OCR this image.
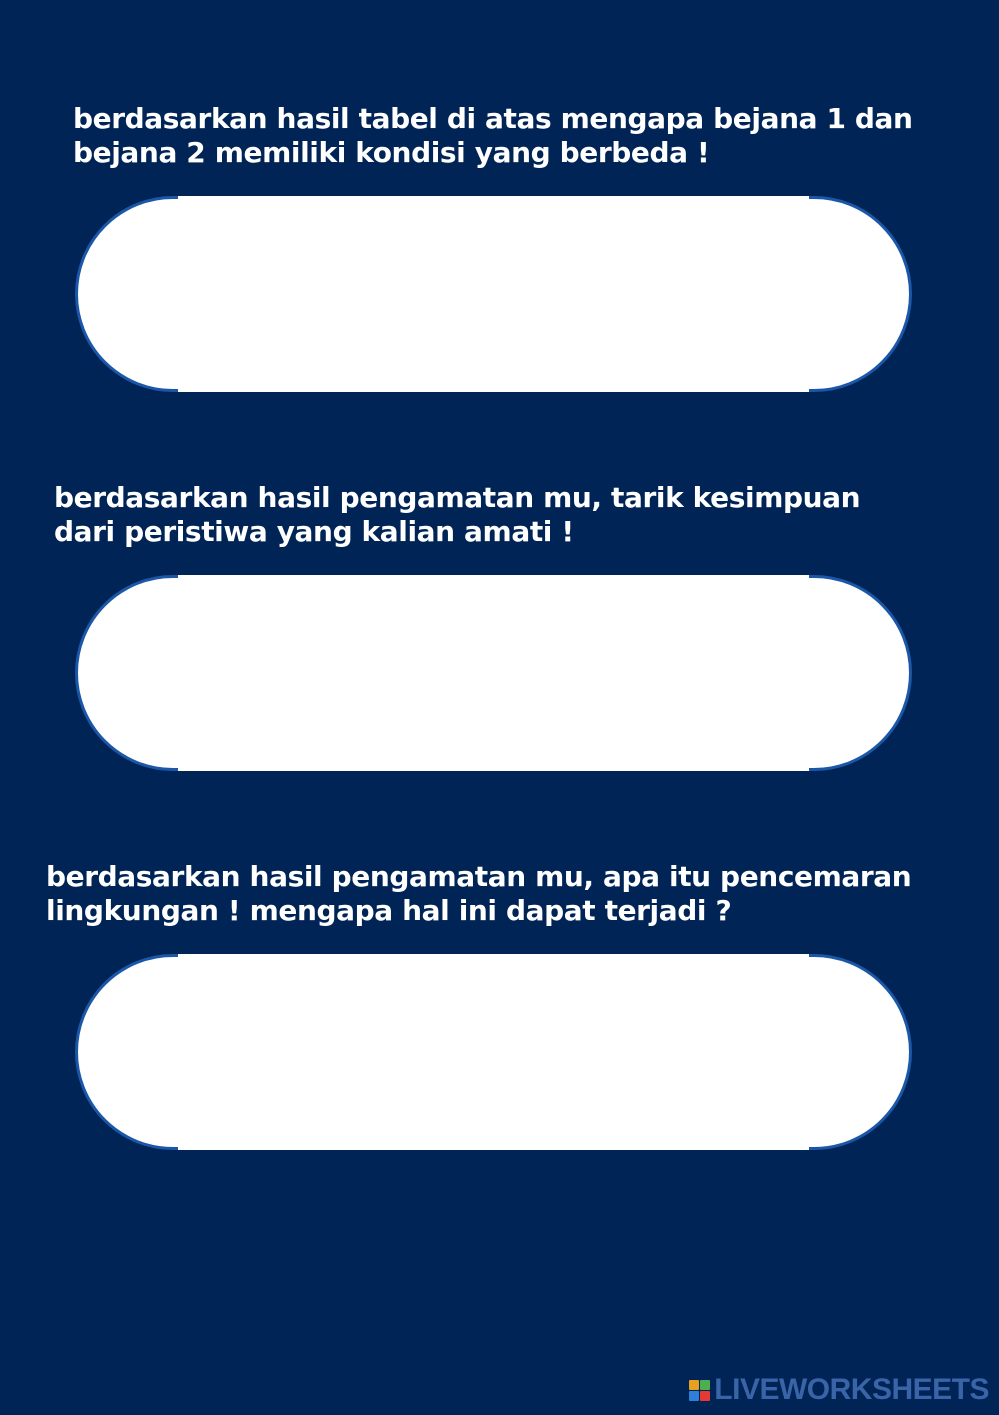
berdasarkan hasil tabel di atas mengapa bejana 1 dan
bejana 2 memiliki kondisi yang berbeda !

berdasarkan hasil pengamatan mu, tarik kesimpuan
dari peristiwa yang kalian amati !

berdasarkan hasil pengamatan mu, apa itu pencemaran
lingkungan ! mengapa hal ini dapat terjadi ?

LIVEWORKSHEETS
